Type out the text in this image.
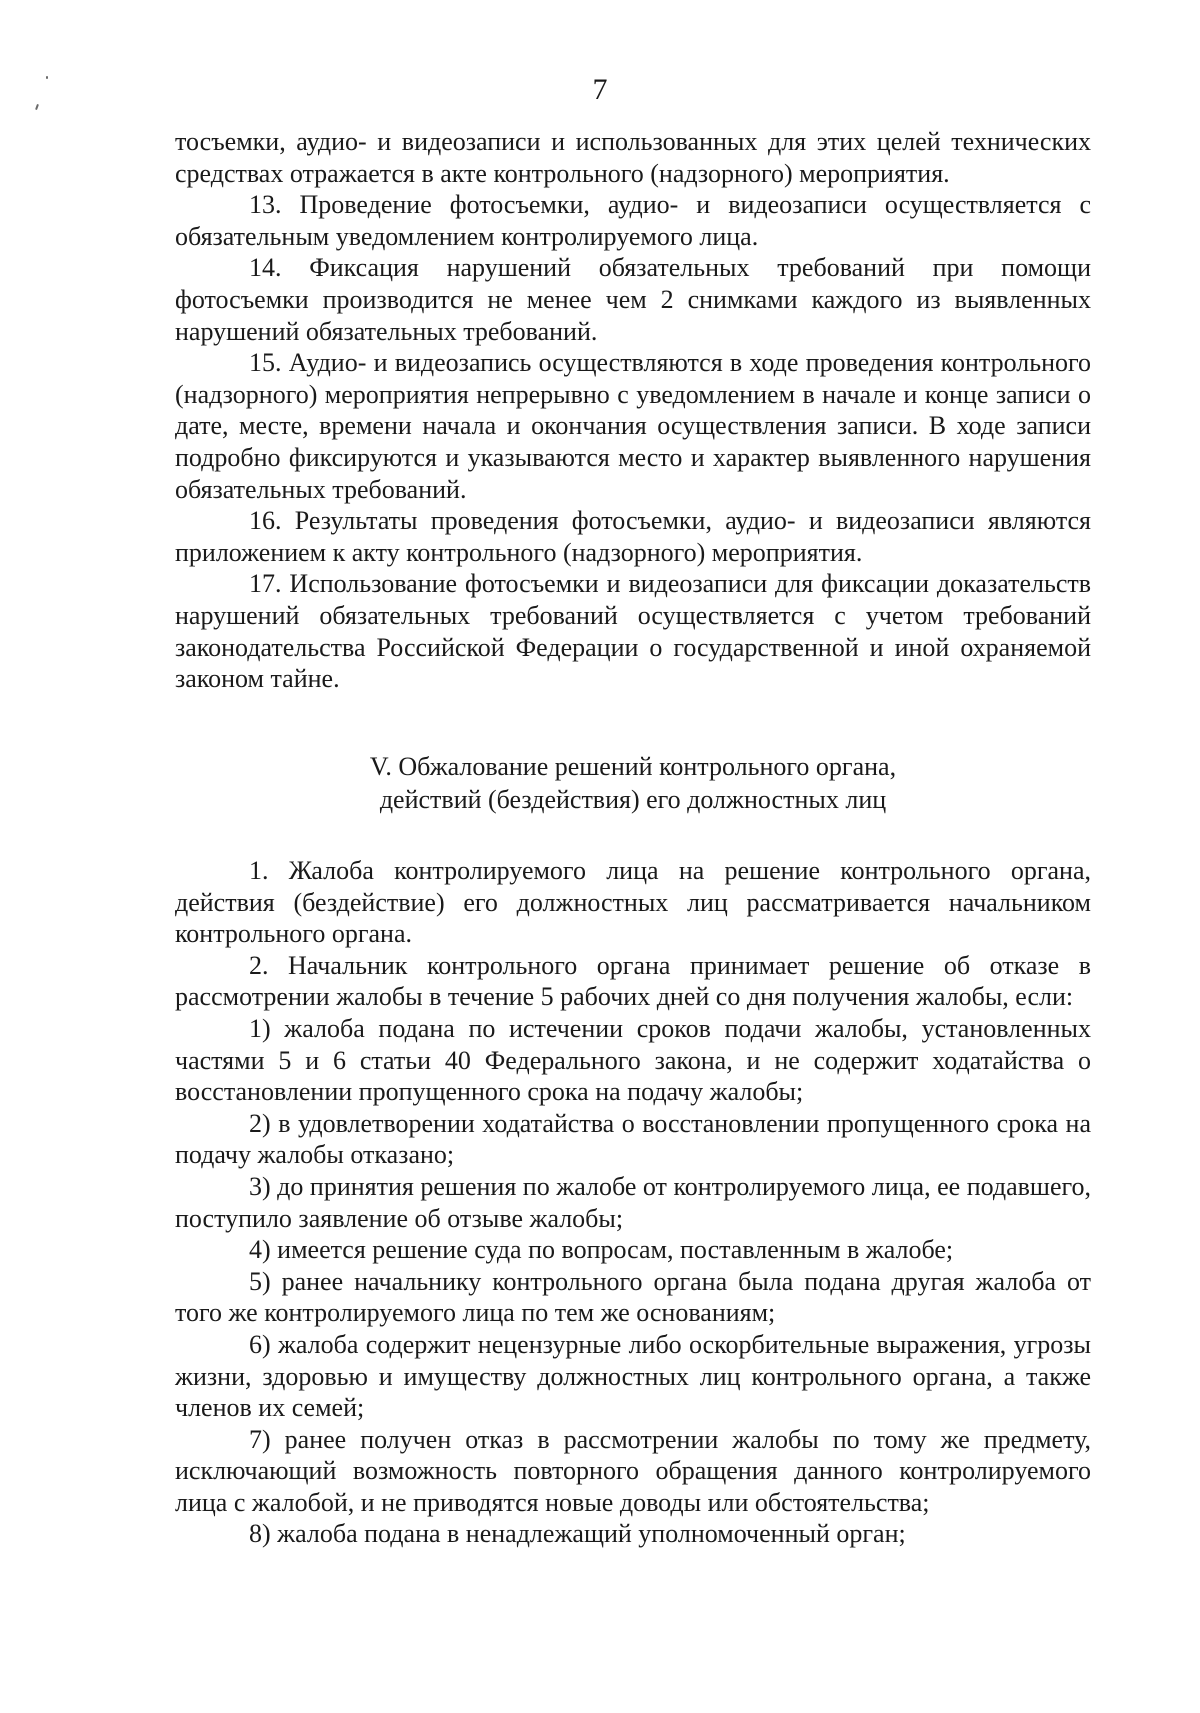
7

тосъемки, аудио- и видеозаписи и использованных для этих целей технических средствах отражается в акте контрольного (надзорного) мероприятия.

13. Проведение фотосъемки, аудио- и видеозаписи осуществляется с обязательным уведомлением контролируемого лица.

14. Фиксация нарушений обязательных требований при помощи фотосъемки производится не менее чем 2 снимками каждого из выявленных нарушений обязательных требований.

15. Аудио- и видеозапись осуществляются в ходе проведения контрольного (надзорного) мероприятия непрерывно с уведомлением в начале и конце записи о дате, месте, времени начала и окончания осуществления записи. В ходе записи подробно фиксируются и указываются место и характер выявленного нарушения обязательных требований.

16. Результаты проведения фотосъемки, аудио- и видеозаписи являются приложением к акту контрольного (надзорного) мероприятия.

17. Использование фотосъемки и видеозаписи для фиксации доказательств нарушений обязательных требований осуществляется с учетом требований законодательства Российской Федерации о государственной и иной охраняемой законом тайне.

V. Обжалование решений контрольного органа,
действий (бездействия) его должностных лиц

1. Жалоба контролируемого лица на решение контрольного органа, действия (бездействие) его должностных лиц рассматривается начальником контрольного органа.

2. Начальник контрольного органа принимает решение об отказе в рассмотрении жалобы в течение 5 рабочих дней со дня получения жалобы, если:

1) жалоба подана по истечении сроков подачи жалобы, установленных частями 5 и 6 статьи 40 Федерального закона, и не содержит ходатайства о восстановлении пропущенного срока на подачу жалобы;

2) в удовлетворении ходатайства о восстановлении пропущенного срока на подачу жалобы отказано;

3) до принятия решения по жалобе от контролируемого лица, ее подавшего, поступило заявление об отзыве жалобы;

4) имеется решение суда по вопросам, поставленным в жалобе;

5) ранее начальнику контрольного органа была подана другая жалоба от того же контролируемого лица по тем же основаниям;

6) жалоба содержит нецензурные либо оскорбительные выражения, угрозы жизни, здоровью и имуществу должностных лиц контрольного органа, а также членов их семей;

7) ранее получен отказ в рассмотрении жалобы по тому же предмету, исключающий возможность повторного обращения данного контролируемого лица с жалобой, и не приводятся новые доводы или обстоятельства;

8) жалоба подана в ненадлежащий уполномоченный орган;
